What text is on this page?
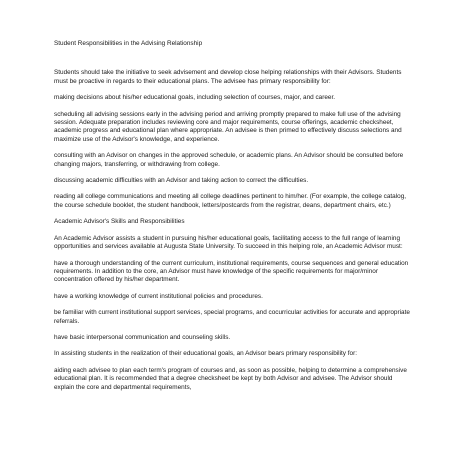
Student Responsibilities in the Advising Relationship
Students should take the initiative to seek advisement and develop close helping relationships with their Advisors. Students must be proactive in regards to their educational plans. The advisee has primary responsibility for:
making decisions about his/her educational goals, including selection of courses, major, and career.
scheduling all advising sessions early in the advising period and arriving promptly prepared to make full use of the advising session. Adequate preparation includes reviewing core and major requirements, course offerings, academic checksheet, academic progress and educational plan where appropriate. An advisee is then primed to effectively discuss selections and maximize use of the Advisor's knowledge, and experience.
consulting with an Advisor on changes in the approved schedule, or academic plans. An Advisor should be consulted before changing majors, transferring, or withdrawing from college.
discussing academic difficulties with an Advisor and taking action to correct the difficulties.
reading all college communications and meeting all college deadlines pertinent to him/her. (For example, the college catalog, the course schedule booklet, the student handbook, letters/postcards from the registrar, deans, department chairs, etc.)
Academic Advisor's Skills and Responsibilities
An Academic Advisor assists a student in pursuing his/her educational goals, facilitating access to the full range of learning opportunities and services available at Augusta State University. To succeed in this helping role, an Academic Advisor must:
have a thorough understanding of the current curriculum, institutional requirements, course sequences and general education requirements. In addition to the core, an Advisor must have knowledge of the specific requirements for major/minor concentration offered by his/her department.
have a working knowledge of current institutional policies and procedures.
be familiar with current institutional support services, special programs, and cocurricular activities for accurate and appropriate referrals.
have basic interpersonal communication and counseling skills.
In assisting students in the realization of their educational goals, an Advisor bears primary responsibility for:
aiding each advisee to plan each term's program of courses and, as soon as possible, helping to determine a comprehensive educational plan. It is recommended that a degree checksheet be kept by both Advisor and advisee. The Advisor should explain the core and departmental requirements,
